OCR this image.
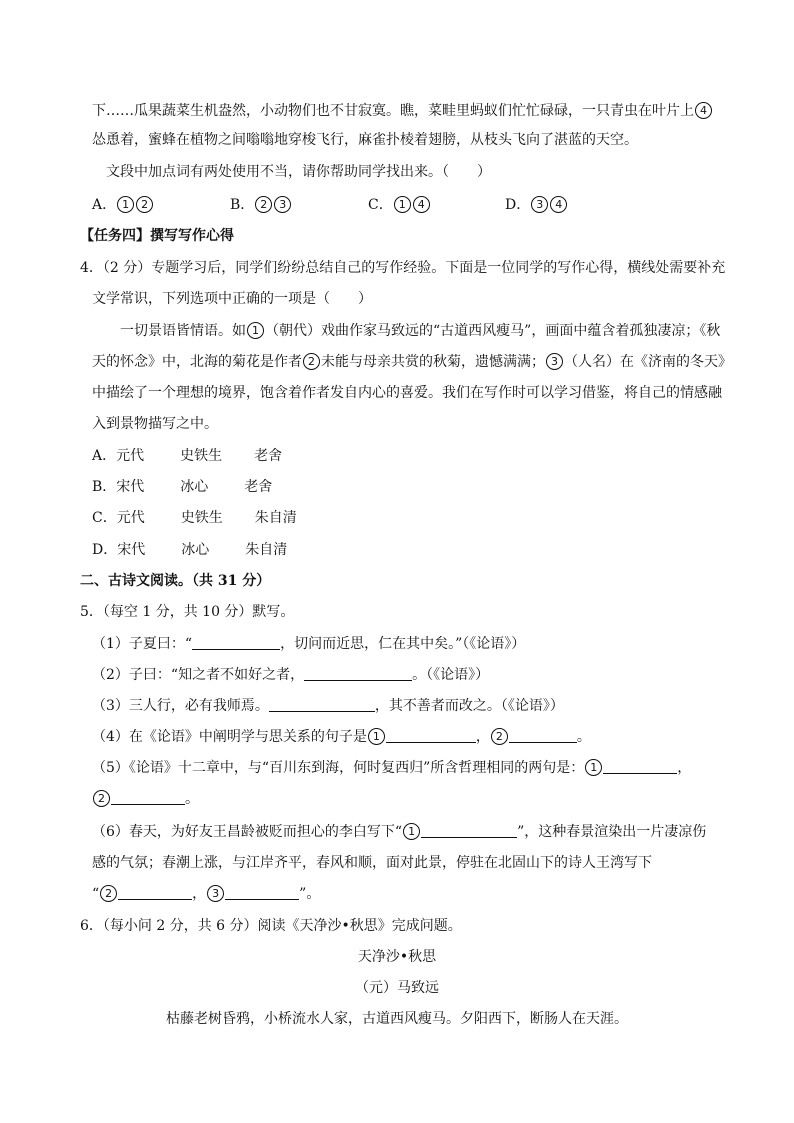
下……瓜果蔬菜生机盎然，小动物们也不甘寂寞。瞧，菜畦里蚂蚁们忙忙碌碌，一只青虫在叶片上 4
怂恿着，蜜蜂在植物之间嗡嗡地穿梭飞行，麻雀扑棱着翅膀，从枝头飞向了湛蓝的天空。
文段中加点词有两处使用不当，请你帮助同学找出来。（　　）
A． 1 2	B． 2 3	C． 1 4	D． 3 4
【任务四】撰写写作心得
4．（2 分）专题学习后，同学们纷纷总结自己的写作经验。下面是一位同学的写作心得，横线处需要补充
文学常识，下列选项中正确的一项是（　　）
一切景语皆情语。如 1 （朝代）戏曲作家马致远的“古道西风瘦马”，画面中蕴含着孤独凄凉；《秋
天的怀念》中，北海的菊花是作者 2 未能与母亲共赏的秋菊，遗憾满满； 3 （人名）在《济南的冬天》
中描绘了一个理想的境界，饱含着作者发自内心的喜爱。我们在写作时可以学习借鉴，将自己的情感融
入到景物描写之中。
A．元代	史铁生 老舍
B．宋代	冰心	老舍
C．元代	史铁生 朱自清
D．宋代	冰心	朱自清
二、古诗文阅读。（共 31 分）
5．（每空 1 分，共 10 分）默写。
（1）子夏曰：“	，切问而近思，仁在其中矣。”（《论语》）
（2）子曰：“知之者不如好之者，	。（《论语》）
（3）三人行，必有我师焉。	，其不善者而改之。（《论语》）
（4）在《论语》中阐明学与思关系的句子是 1	， 2	。
（5）《论语》十二章中，与“百川东到海，何时复西归”所含哲理相同的两句是： 1	，
2	。
（6）春天，为好友王昌龄被贬而担心的李白写下“ 1	”，这种春景渲染出一片凄凉伤
感的气氛；春潮上涨，与江岸齐平，春风和顺，面对此景，停驻在北固山下的诗人王湾写下
“ 2	， 3	”。
6．（每小问 2 分，共 6 分）阅读《天净沙•秋思》完成问题。
天净沙•秋思
（元）马致远
枯藤老树昏鸦，小桥流水人家，古道西风瘦马。夕阳西下，断肠人在天涯。
